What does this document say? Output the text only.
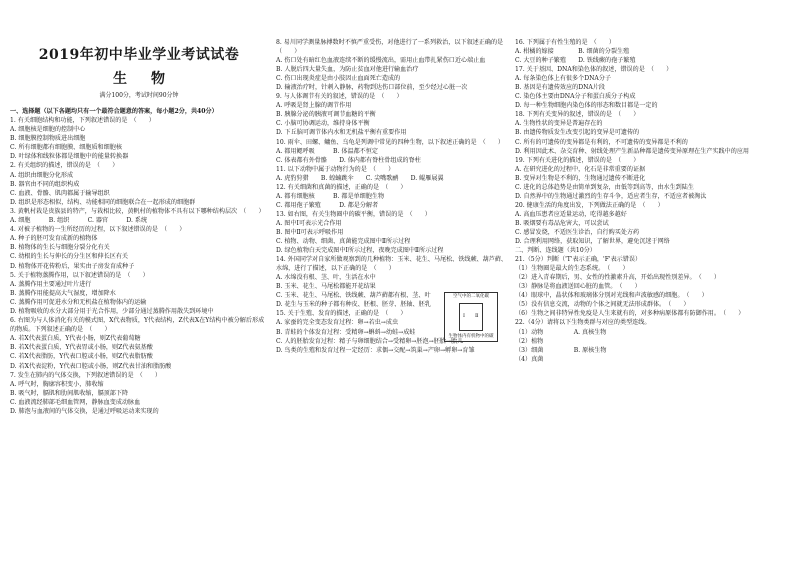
2019年初中毕业学业考试试卷
生物
满分100分，考试时间90分钟
一、选择题（以下各题均只有一个最符合题意的答案，每小题2分，共40分）
1. 有关细胞结构和功能，下列叙述错误的是　（　　）
A. 细胞核是细胞的控制中心
B. 细胞膜控制物质进出细胞
C. 所有细胞都有细胞膜、细胞质和细胞核
D. 叶绿体和线粒体都是细胞中的能量转换器
2. 有关组织的描述，错误的是　（　　）
A. 组织由细胞分化形成
B. 器官由不同的组织构成
C. 血液、骨骼、肌肉都属于输导组织
D. 组织是形态相似，结构、功能相同的细胞联合在一起形成的细胞群
3. 黄帆村栽是贵族县的特产，与栽相比较，黄帆村的植物体不具有以下哪种结构层次　（　　）
A. 细胞　　　B. 组织　　　C. 器官　　　D. 系统
4. 对被子植物的一生所经历的过程，以下叙述错误的是　（　　）
A. 种子的胚可发育成新的植物体
B. 植物体的生长与细胞分裂分化有关
C. 幼根的生长与伸长的分生区和伸长区有关
D. 植物体开花传粉后，果实由子房发育成种子
5. 关于植物蒸腾作用，以下叙述错误的是　（　　）
A. 蒸腾作用主要通过叶片进行
B. 蒸腾作用能提高大气湿度，增加降水
C. 蒸腾作用可促进水分和无机盐在植物体内的运输
D. 植物吸收的水分大部分用于光合作用，少部分通过蒸腾作用散失到环境中
6. 右图为与人体消化有关的模式图，X代表物质，Y代表结构，Z代表X在Y结构中被分解后形成的物质。下列叙述正确的是　（　　）
A. 若X代表蛋白质，Y代表小肠，则Z代表葡萄糖
B. 若X代表蛋白质，Y代表胃或小肠，则Z代表氨基酸
C. 若X代表脂肪，Y代表口腔或小肠，则Z代表脂肪酸
D. 若X代表淀粉，Y代表口腔或小肠，则Z代表甘油和脂肪酸
7. 发生在肺内的气体交换，下列叙述错误的是　（　　）
A. 呼气时，胸廓容积变小，肺收缩
B. 吸气时，膈肌和肋间肌收缩，膈顶部下降
C. 血液流经肺部毛细血管网，静脉血变成动脉血
D. 肺泡与血液间的气体交换，是通过呼吸运动来实现的
8. 易川同学测量脉搏数时不慎严重受伤，对他进行了一系列救治，以下叙述正确的是　（　　）
A. 伤口处有暗红色血液连续不断的缓慢流出，需用止血带扎紧伤口近心端止血
B. 人脱后四大量失血，为防止贫血对他进行输血治疗
C. 伤口出现炎症是由小肢因止血面死亡造成的
D. 输液治疗时，针刺入静脉，药物到达伤口部位前，至少经过心脏一次
9. 与人体调节有关的叙述，错误的是　（　　）
A. 呼吸是肾上腺的调节作用
B. 胰腺分泌的胰液可调节血糖的平衡
C. 小脑可协调运动，维持身体平衡
D. 下丘脑可调节体内水和无机盐平衡有重要作用
10. 雨伞、田螺、鳙鱼、乌龟是列调中常见的四种生物，以下叙述正确的是　（　　）
A. 都用鳃呼吸　　　B. 体温都不恒定
C. 体表都有外骨骼　　D. 体内都有脊柱骨组成的脊柱
11. 以下动物中属于动物行为的是　（　　）
A. 虎豹狩猎　　B. 蝗蝻跳伞　　C. 尖嘴歌鹂　　D. 鲲雁展翼
12. 有关细菌和真菌的描述，正确的是　（　　）
A. 都有细胞核　　　B. 都是单细胞生物
C. 都用孢子繁殖　　　D. 都是分解者
13. 如右图，有关生物圈中的碳平衡，错误的是　（　　）
A. 图中Ⅰ可表示光合作用
B. 图中Ⅱ可表示呼吸作用
C. 植物、动物、细菌、真菌能完成图中Ⅱ所示过程
D. 绿色植物白天完成图中Ⅰ所示过程，夜晚完成图中Ⅱ所示过程
14. 外国同学对自家所做观察到的几种植物：玉米、花生、马尾松、铁线蕨、葫芦藓、水绵，进行了描述，以下正确的是　（　　）
A. 水绵没有根、茎、叶，生活在水中
B. 玉米、花生、马尾松都能开花结果
C. 玉米、花生、马尾松、铁线蕨、葫芦藓都有根、茎、叶
D. 花生与玉米的种子都有种皮、胚根、胚芽、胚轴、胚乳
15. 关于生殖、发育的描述，正确的是　（　　）
A. 家蚕的完全变态发育过程：卵→若虫→成虫
B. 青蛙的个体发育过程：受精卵→蝌蚪→幼蛙→成蛙
C. 人的胚胎发育过程：精子与卵细胞结合→受精卵→胚泡→胚胎→胎儿
D. 鸟类的生殖和发育过程一定经历：求偶→交配→筑巢→产卵→孵卵→育雏
空气中的二氧化碳
Ⅰ Ⅱ
生物体内有机物中的碳
16. 下列属于有性生殖的是　（　　）
A. 柑橘的嫁接　　　　B. 细菌的分裂生殖
C. 大豆的种子繁殖　　D. 铁线蕨的孢子繁殖
17. 关于基因、DNA和染色体的叙述，错误的是　（　　）
A. 每条染色体上有很多个DNA分子
B. 基因是有遗传效应的DNA片段
C. 染色体主要由DNA分子和蛋白质分子构成
D. 每一种生物细胞内染色体的形态和数目都是一定的
18. 下列有关变异的叙述，错误的是　（　　）
A. 生物性状的变异是普遍存在的
B. 由遗传物质发生改变引起的变异是可遗传的
C. 所有的可遗传的变异都是有利的，不可遗传的变异都是不利的
D. 利用因此术、杂交育种、射线处理产生新品种都是遗传变异原理在生产实践中的应用
19. 下列有关进化的描述，错误的是　（　　）
A. 在研究进化的过程中，化石是非常重要的证据
B. 变异对生物是不利的，生物通过遗传不断进化
C. 进化的总体趋势是由简单到复杂，由低等到高等，由水生到陆生
D. 自然界中的生物通过激烈的生存斗争，适应者生存，不适应者被淘汰
20. 健康生活的角度出发，下列做法正确的是　（　　）
A. 高血压患者应适量运动，吃得越多越好
B. 吸烟要有毒品危害大，可以尝试
C. 感冒发烧，不适医生诊治，自行购买处方药
D. 合理利用网络，获取知识，了解世界，避免沉迷于网络
二、判断、连线题（共10分）
21.（5分）判断（'T'表示正确，'F'表示错误）
（1）生物圈是最大的生态系统。　（　　）
（2）进入青春期后，男、女性的性激素升高，开始出现性别差异。　（　　）
（3）静脉是将血液送回心脏的血管。　（　　）
（4）眼球中，晶状体和玻璃体分别对光线和声波敏感的细胞。　（　　）
（5）没有信息交流，动物的个体之间就无法形成群体。　（　　）
（6）生物之间非特异性免疫是人生来就有的，对多种病原体都有防御作用。　（　　）
22.（4分）请将以下生物类群与对应的类型连线。
（1）动物　　　　　A. 真核生物
（2）植物
（3）细菌　　　　　B. 原核生物
（4）真菌
